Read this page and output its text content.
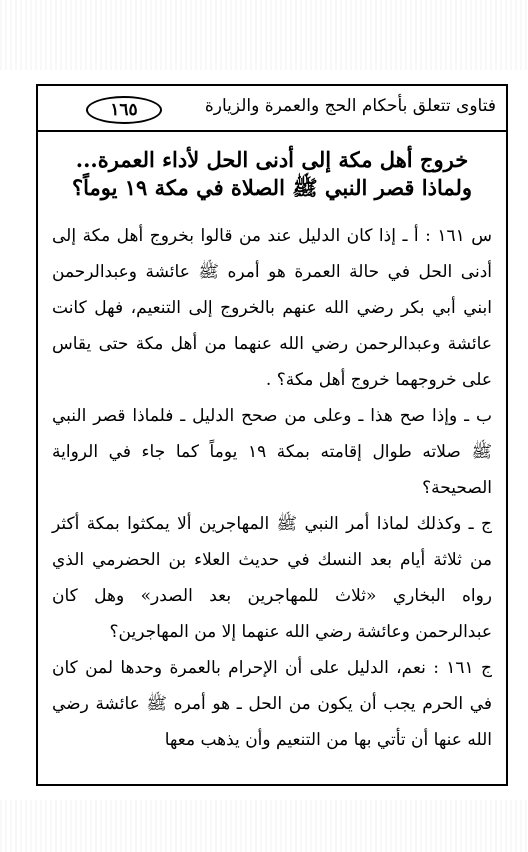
فتاوى تتعلق بأحكام الحج والعمرة والزيارة
١٦٥
خروج أهل مكة إلى أدنى الحل لأداء العمرة...
ولماذا قصر النبي ﷺ الصلاة في مكة ١٩ يوماً؟

س ١٦١ : أ ـ إذا كان الدليل عند من قالوا بخروج أهل مكة إلى أدنى الحل في حالة العمرة هو أمره ﷺ عائشة وعبدالرحمن ابني أبي بكر رضي الله عنهم بالخروج إلى التنعيم، فهل كانت عائشة وعبدالرحمن رضي الله عنهما من أهل مكة حتى يقاس على خروجهما خروج أهل مكة؟ .

ب ـ وإذا صح هذا ـ وعلى من صحح الدليل ـ فلماذا قصر النبي ﷺ صلاته طوال إقامته بمكة ١٩ يوماً كما جاء في الرواية الصحيحة؟

ج ـ وكذلك لماذا أمر النبي ﷺ المهاجرين ألا يمكثوا بمكة أكثر من ثلاثة أيام بعد النسك في حديث العلاء بن الحضرمي الذي رواه البخاري «ثلاث للمهاجرين بعد الصدر» وهل كان عبدالرحمن وعائشة رضي الله عنهما إلا من المهاجرين؟

ج ١٦١ : نعم، الدليل على أن الإحرام بالعمرة وحدها لمن كان في الحرم يجب أن يكون من الحل ـ هو أمره ﷺ عائشة رضي الله عنها أن تأتي بها من التنعيم وأن يذهب معها
